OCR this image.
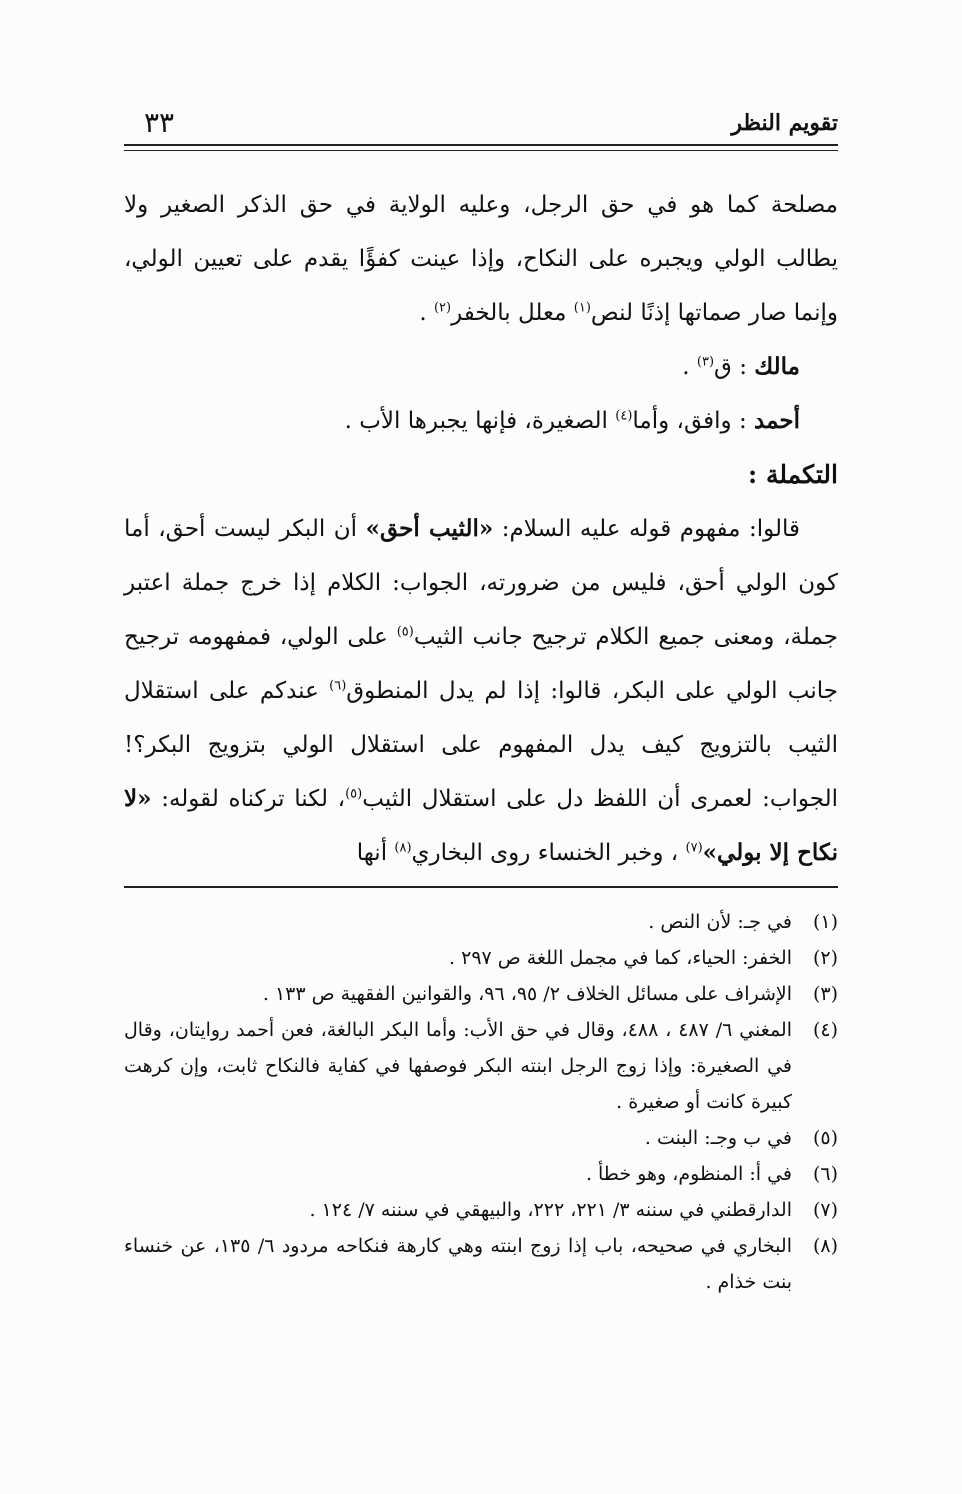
٣٣	تقويم النظر

مصلحة كما هو في حق الرجل، وعليه الولاية في حق الذكر الصغير ولا يطالب الولي ويجبره على النكاح، وإذا عينت كفؤًا يقدم على تعيين الولي، وإنما صار صماتها إذنًا لنص$^{(١)}$ معلل بالخفر$^{(٢)}$ .

مالك : ق$^{(٣)}$ .

أحمد : وافق، وأما$^{(٤)}$ الصغيرة، فإنها يجبرها الأب .

التكملة :

قالوا: مفهوم قوله عليه السلام: «الثيب أحق» أن البكر ليست أحق، أما كون الولي أحق، فليس من ضرورته، الجواب: الكلام إذا خرج جملة اعتبر جملة، ومعنى جميع الكلام ترجيح جانب الثيب$^{(٥)}$ على الولي، فمفهومه ترجيح جانب الولي على البكر، قالوا: إذا لم يدل المنطوق$^{(٦)}$ عندكم على استقلال الثيب بالتزويج كيف يدل المفهوم على استقلال الولي بتزويج البكر؟! الجواب: لعمرى أن اللفظ دل على استقلال الثيب$^{(٥)}$، لكنا تركناه لقوله: «لا نكاح إلا بولي»$^{(٧)}$ ، وخبر الخنساء روى البخاري$^{(٨)}$ أنها

(١)
في جـ: لأن النص .
(٢)
الخفر: الحياء، كما في مجمل اللغة ص ٢٩٧ .
(٣)
الإشراف على مسائل الخلاف ٢/ ٩٥، ٩٦، والقوانين الفقهية ص ١٣٣ .
(٤)
المغني ٦/ ٤٨٧ ، ٤٨٨، وقال في حق الأب: وأما البكر البالغة، فعن أحمد روايتان، وقال في الصغيرة: وإذا زوج الرجل ابنته البكر فوصفها في كفاية فالنكاح ثابت، وإن كرهت كبيرة كانت أو صغيرة .
(٥)
في ب وجـ: البنت .
(٦)
في أ: المنظوم، وهو خطأ .
(٧)
الدارقطني في سننه ٣/ ٢٢١، ٢٢٢، والبيهقي في سننه ٧/ ١٢٤ .
(٨)
البخاري في صحيحه، باب إذا زوج ابنته وهي كارهة فنكاحه مردود ٦/ ١٣٥، عن خنساء بنت خذام .
